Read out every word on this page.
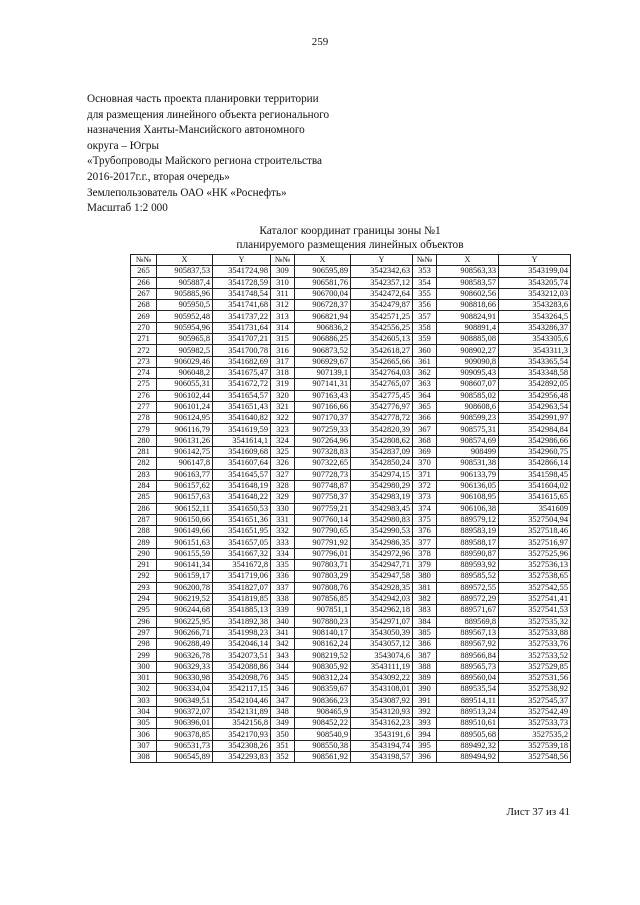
259
Основная часть проекта планировки территории
для размещения линейного объекта регионального
назначения Ханты-Мансийского автономного
округа – Югры
«Трубопроводы Майского региона строительства
2016-2017г.г., вторая очередь»
Землепользователь ОАО «НК «Роснефть»
Масштаб 1:2 000
Каталог координат границы зоны №1
планируемого размещения линейных объектов
№№	X	Y	№№	X	Y	№№	X	Y
265	905837,53	3541724,98	309	906595,89	3542342,63	353	908563,33	3543199,04
266	905887,4	3541728,59	310	906581,76	3542357,12	354	908583,57	3543205,74
267	905885,96	3541748,54	311	906700,04	3542472,64	355	908602,56	3543212,03
268	905950,5	3541741,68	312	906728,37	3542479,87	356	908818,66	3543283,6
269	905952,48	3541737,22	313	906821,94	3542571,25	357	908824,91	3543264,5
270	905954,96	3541731,64	314	906836,2	3542556,25	358	908891,4	3543286,37
271	905965,8	3541707,21	315	906886,25	3542605,13	359	908885,08	3543305,6
272	905982,5	3541700,78	316	906873,52	3542618,27	360	908902,27	3543311,3
273	906029,46	3541682,69	317	906929,67	3542665,66	361	909090,8	3543365,54
274	906048,2	3541675,47	318	907139,1	3542764,03	362	909095,43	3543348,58
275	906055,31	3541672,72	319	907141,31	3542765,07	363	908607,07	3542892,05
276	906102,44	3541654,57	320	907163,43	3542775,45	364	908585,02	3542956,48
277	906101,24	3541651,43	321	907166,66	3542776,97	365	908608,6	3542963,54
278	906124,95	3541640,82	322	907170,37	3542778,72	366	908599,23	3542991,97
279	906116,79	3541619,59	323	907259,33	3542820,39	367	908575,31	3542984,84
280	906131,26	3541614,1	324	907264,96	3542808,62	368	908574,69	3542986,66
281	906142,75	3541609,68	325	907328,83	3542837,09	369	908499	3542960,75
282	906147,8	3541607,64	326	907322,65	3542850,24	370	908531,38	3542866,14
283	906163,77	3541645,57	327	907728,73	3542974,15	371	906133,79	3541598,45
284	906157,62	3541648,19	328	907748,87	3542980,29	372	906136,05	3541604,02
285	906157,63	3541648,22	329	907758,37	3542983,19	373	906108,95	3541615,65
286	906152,11	3541650,53	330	907759,21	3542983,45	374	906106,38	3541609
287	906150,66	3541651,36	331	907760,14	3542980,83	375	889579,12	3527504,94
288	906149,66	3541651,95	332	907790,65	3542990,53	376	889583,19	3527518,46
289	906151,63	3541657,05	333	907791,92	3542986,35	377	889588,17	3527516,97
290	906155,59	3541667,32	334	907796,01	3542972,96	378	889590,87	3527525,96
291	906141,34	3541672,8	335	907803,71	3542947,71	379	889593,92	3527536,13
292	906159,17	3541719,06	336	907803,29	3542947,58	380	889585,52	3527538,65
293	906200,78	3541827,07	337	907808,76	3542928,35	381	889572,55	3527542,55
294	906219,52	3541819,85	338	907856,85	3542942,03	382	889572,29	3527541,41
295	906244,68	3541885,13	339	907851,1	3542962,18	383	889571,67	3527541,53
296	906225,95	3541892,38	340	907880,23	3542971,07	384	889569,8	3527535,32
297	906266,71	3541998,23	341	908140,17	3543050,39	385	889567,13	3527533,88
298	906288,49	3542046,14	342	908162,24	3543057,12	386	889567,92	3527533,76
299	906326,78	3542073,51	343	908219,52	3543074,6	387	889566,84	3527533,52
300	906329,33	3542088,86	344	908305,92	3543111,19	388	889565,73	3527529,85
301	906330,98	3542098,76	345	908312,24	3543092,22	389	889560,04	3527531,56
302	906334,04	3542117,15	346	908359,67	3543108,01	390	889535,54	3527538,92
303	906349,51	3542104,46	347	908366,23	3543087,92	391	889514,11	3527545,37
304	906372,07	3542131,89	348	908465,9	3543120,93	392	889513,24	3527542,49
305	906396,01	3542156,8	349	908452,22	3543162,23	393	889510,61	3527533,73
306	906378,85	3542170,93	350	908540,9	3543191,6	394	889505,68	3527535,2
307	906531,73	3542308,26	351	908550,38	3543194,74	395	889492,32	3527539,18
308	906545,89	3542293,83	352	908561,92	3543198,57	396	889494,92	3527548,56
Лист 37 из 41
